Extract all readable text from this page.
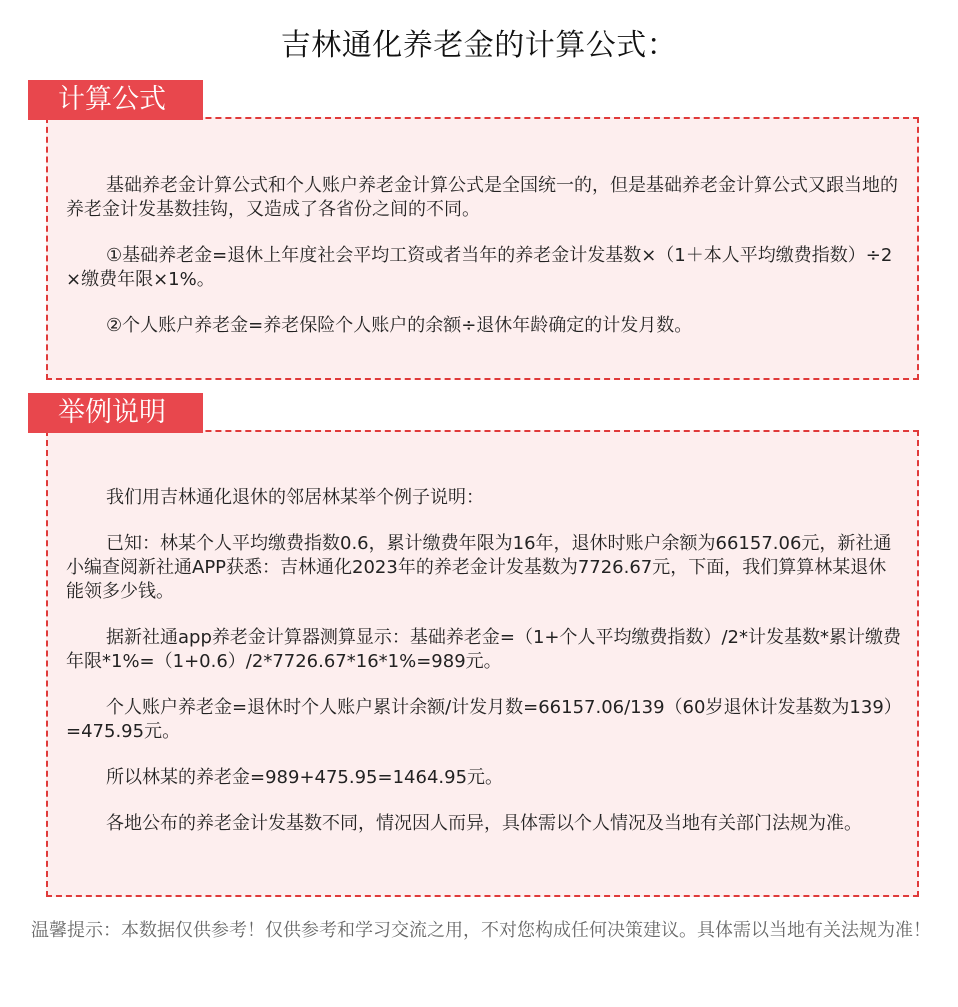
吉林通化养老金的计算公式：
计算公式

基础养老金计算公式和个人账户养老金计算公式是全国统一的，但是基础养老金计算公式又跟当地的养老金计发基数挂钩，又造成了各省份之间的不同。

①基础养老金=退休上年度社会平均工资或者当年的养老金计发基数×（1＋本人平均缴费指数）÷2×缴费年限×1%。

②个人账户养老金=养老保险个人账户的余额÷退休年龄确定的计发月数。

举例说明

我们用吉林通化退休的邻居林某举个例子说明：

已知：林某个人平均缴费指数0.6，累计缴费年限为16年，退休时账户余额为66157.06元，新社通小编查阅新社通APP获悉：吉林通化2023年的养老金计发基数为7726.67元，下面，我们算算林某退休能领多少钱。

据新社通app养老金计算器测算显示：基础养老金=（1+个人平均缴费指数）/2*计发基数*累计缴费年限*1%=（1+0.6）/2*7726.67*16*1%=989元。

个人账户养老金=退休时个人账户累计余额/计发月数=66157.06/139（60岁退休计发基数为139）=475.95元。

所以林某的养老金=989+475.95=1464.95元。

各地公布的养老金计发基数不同，情况因人而异，具体需以个人情况及当地有关部门法规为准。

温馨提示：本数据仅供参考！仅供参考和学习交流之用，不对您构成任何决策建议。具体需以当地有关法规为准！
